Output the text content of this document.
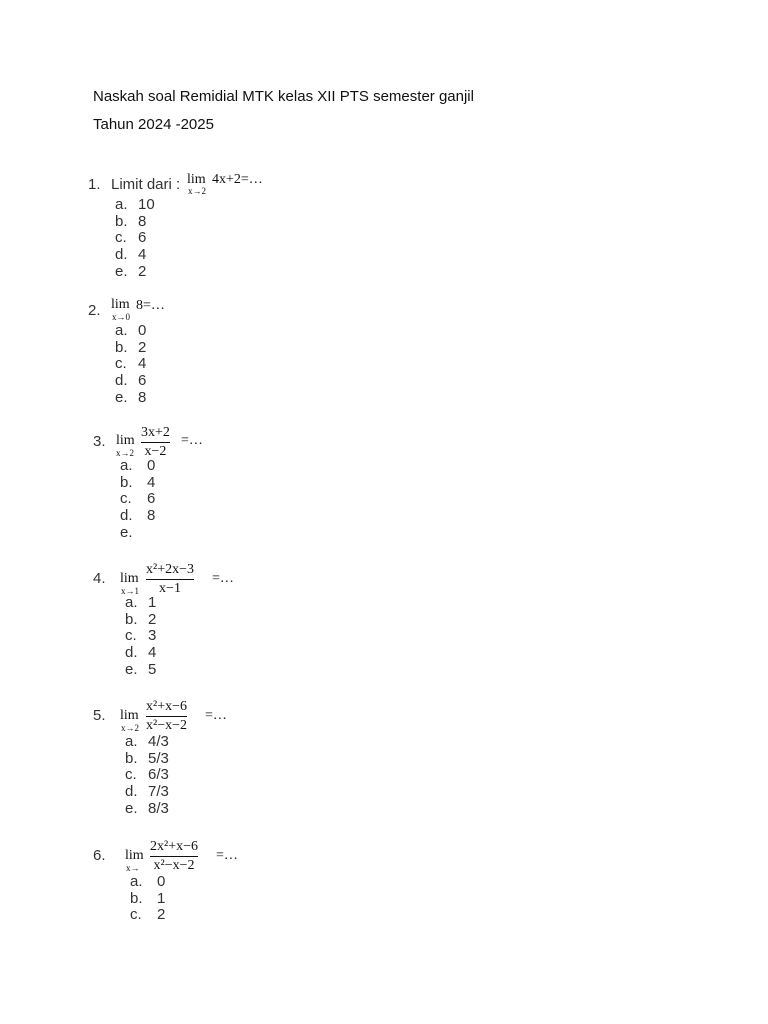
Naskah soal Remidial MTK kelas XII PTS semester ganjil
Tahun 2024 -2025
1. Limit dari : lim
x→2
4x+2=…
a. 10
b. 8
c. 6
d. 4
e. 2
2. lim
x→0
8=…
a. 0
b. 2
c. 4
d. 6
e. 8
3. lim
x→2
3x+2
x−2
=…
a. 0
b. 4
c. 6
d. 8
e.
4. lim
x→1
x²+2x−3
x−1
=…
a. 1
b. 2
c. 3
d. 4
e. 5
5. lim
x→2
x²+x−6
x²−x−2
=…
a. 4/3
b. 5/3
c. 6/3
d. 7/3
e. 8/3
6. lim
x→
2x²+x−6
x²−x−2
=…
a. 0
b. 1
c. 2
